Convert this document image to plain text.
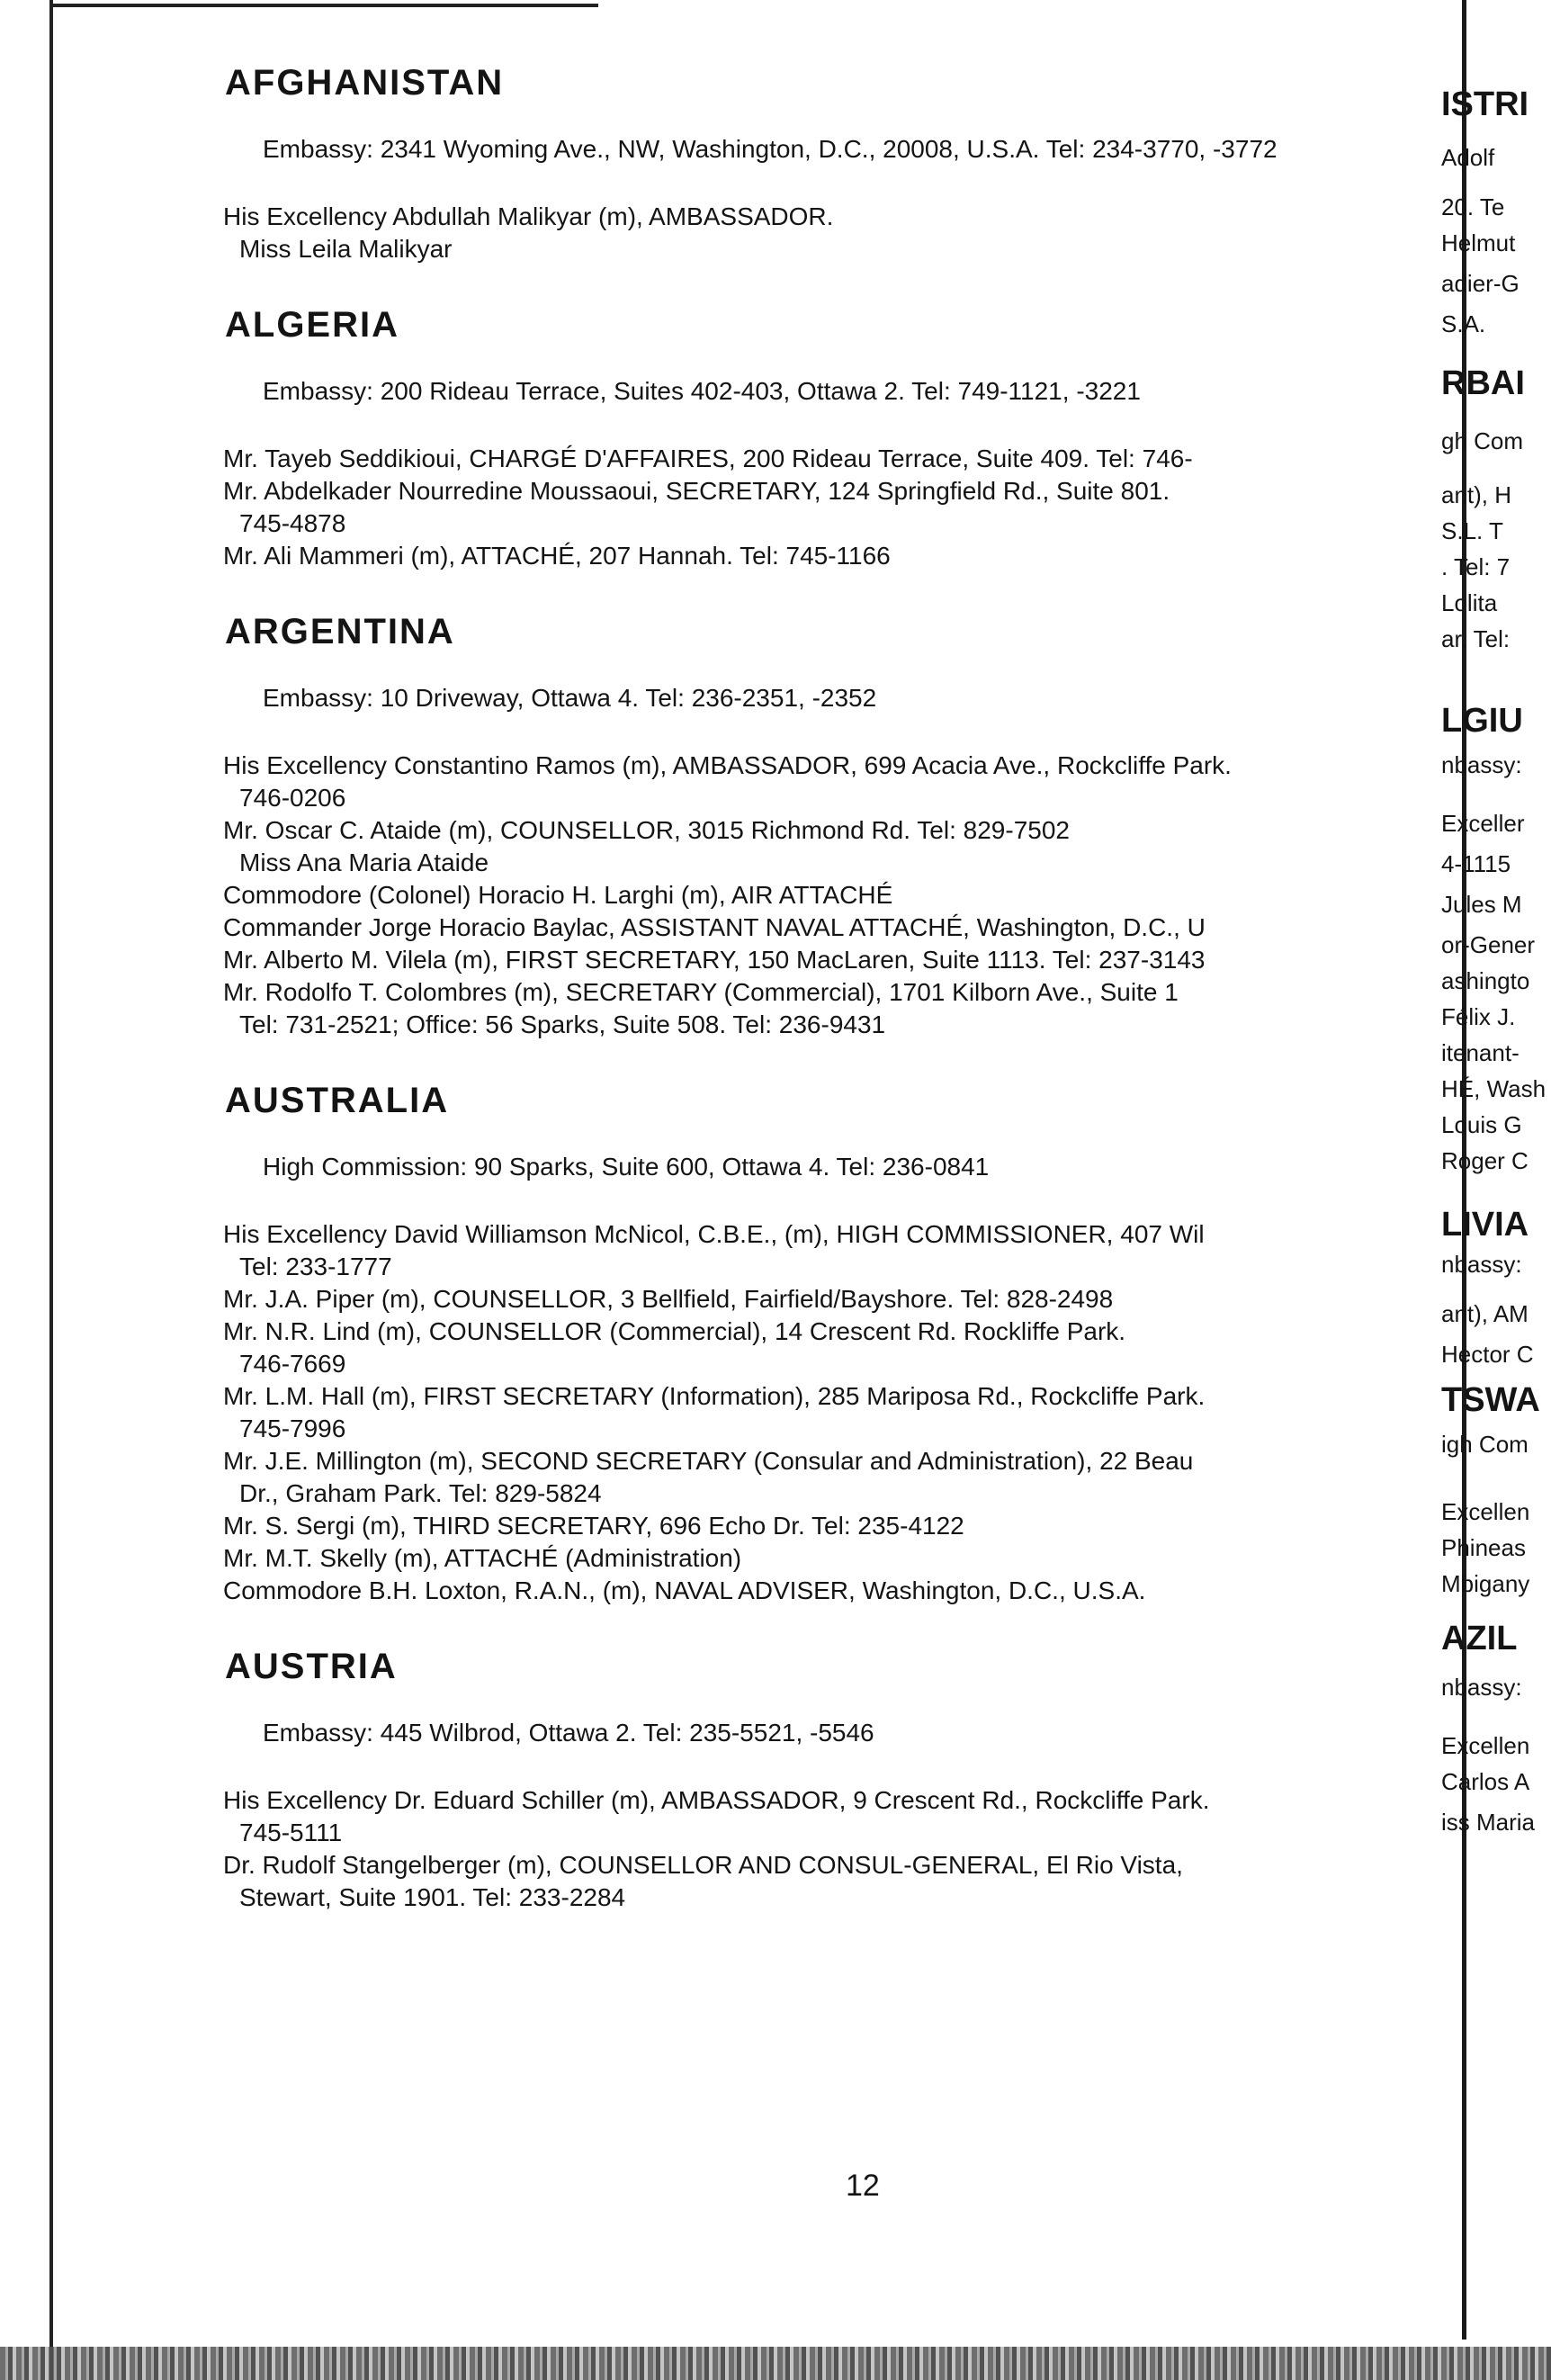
AFGHANISTAN
Embassy: 2341 Wyoming Ave., NW, Washington, D.C., 20008, U.S.A. Tel: 234-3770, -3772
His Excellency Abdullah Malikyar (m), AMBASSADOR.
Miss Leila Malikyar
ALGERIA
Embassy: 200 Rideau Terrace, Suites 402-403, Ottawa 2. Tel: 749-1121, -3221
Mr. Tayeb Seddikioui, CHARGÉ D'AFFAIRES, 200 Rideau Terrace, Suite 409. Tel: 746-
Mr. Abdelkader Nourredine Moussaoui, SECRETARY, 124 Springfield Rd., Suite 801.
745-4878
Mr. Ali Mammeri (m), ATTACHÉ, 207 Hannah. Tel: 745-1166
ARGENTINA
Embassy: 10 Driveway, Ottawa 4. Tel: 236-2351, -2352
His Excellency Constantino Ramos (m), AMBASSADOR, 699 Acacia Ave., Rockcliffe Park.
746-0206
Mr. Oscar C. Ataide (m), COUNSELLOR, 3015 Richmond Rd. Tel: 829-7502
Miss Ana Maria Ataide
Commodore (Colonel) Horacio H. Larghi (m), AIR ATTACHÉ
Commander Jorge Horacio Baylac, ASSISTANT NAVAL ATTACHÉ, Washington, D.C., U
Mr. Alberto M. Vilela (m), FIRST SECRETARY, 150 MacLaren, Suite 1113. Tel: 237-3143
Mr. Rodolfo T. Colombres (m), SECRETARY (Commercial), 1701 Kilborn Ave., Suite 1
Tel: 731-2521; Office: 56 Sparks, Suite 508. Tel: 236-9431
AUSTRALIA
High Commission: 90 Sparks, Suite 600, Ottawa 4. Tel: 236-0841
His Excellency David Williamson McNicol, C.B.E., (m), HIGH COMMISSIONER, 407 Wil
Tel: 233-1777
Mr. J.A. Piper (m), COUNSELLOR, 3 Bellfield, Fairfield/Bayshore. Tel: 828-2498
Mr. N.R. Lind (m), COUNSELLOR (Commercial), 14 Crescent Rd. Rockliffe Park.
746-7669
Mr. L.M. Hall (m), FIRST SECRETARY (Information), 285 Mariposa Rd., Rockcliffe Park.
745-7996
Mr. J.E. Millington (m), SECOND SECRETARY (Consular and Administration), 22 Beau
Dr., Graham Park. Tel: 829-5824
Mr. S. Sergi (m), THIRD SECRETARY, 696 Echo Dr. Tel: 235-4122
Mr. M.T. Skelly (m), ATTACHÉ (Administration)
Commodore B.H. Loxton, R.A.N., (m), NAVAL ADVISER, Washington, D.C., U.S.A.
AUSTRIA
Embassy: 445 Wilbrod, Ottawa 2. Tel: 235-5521, -5546
His Excellency Dr. Eduard Schiller (m), AMBASSADOR, 9 Crescent Rd., Rockcliffe Park.
745-5111
Dr. Rudolf Stangelberger (m), COUNSELLOR AND CONSUL-GENERAL, El Rio Vista,
Stewart, Suite 1901. Tel: 233-2284
ISTRI
Adolf
20. Te
Helmut
adier-G
S.A.
RBAI
gh Com
ant), H
S.L. T
. Tel: 7
Lolita
ar. Tel:
LGIU
nbassy:
Exceller
4-1115
Jules M
or-Gener
ashingto
Félix J.
itenant-
HÉ, Wash
Louis G
Roger C
LIVIA
nbassy:
ant), AM
Hector C
TSWA
igh Com
Excellen
Phineas
Mbigany
AZIL
nbassy:
Excellen
Carlos A
iss Maria
12
